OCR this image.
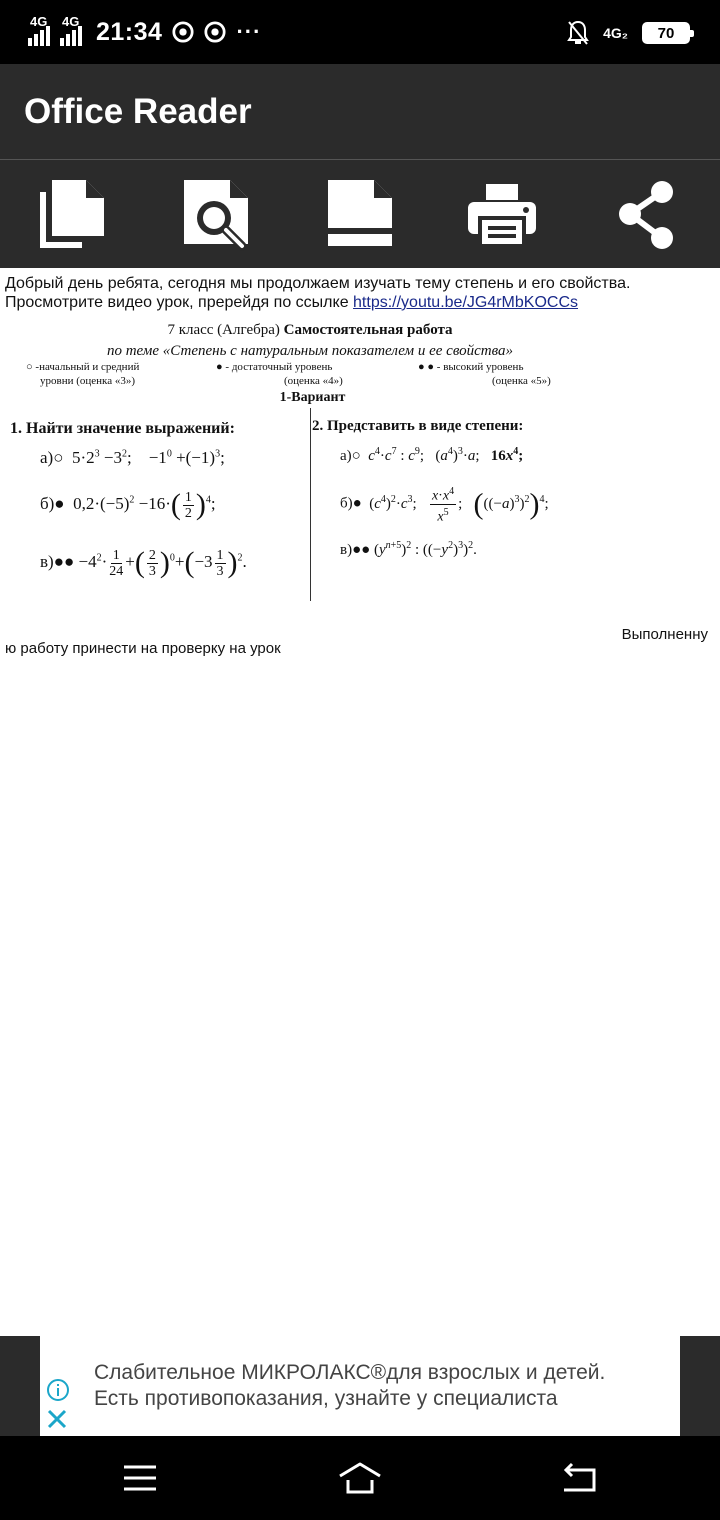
4G 4G 21:34	···	4G₂ 70
Office Reader
Добрый день ребята, сегодня мы продолжаем изучать тему степень и его свойства.
Просмотрите видео урок, пререйдя по ссылке https://youtu.be/JG4rMbKOCCs
7 класс (Алгебра) Самостоятельная работа
по теме «Степень с натуральным показателем и ее свойства»
○ -начальный и средний
уровни (оценка «3»)
● - достаточный уровень
(оценка «4»)
● ● - высокий уровень
(оценка «5»)
1-Вариант
1. Найти значение выражений:	2. Представить в виде степени:
а)○  $5\cdot 2^3 -3^2$;    $-1^0 +(-1)^3$;
б)●  $0,2\cdot(-5)^2 -16\cdot( \frac{1}{2} )^4$;
в)●● $-4^2\cdot \frac{1}{24}$ +( $\frac{2}{3} )^0+(-3 \frac{1}{3} )^2$.
а)○ $c^4\cdot c^7$ : $c^9$;   $(a^4)^3\cdot a$;   $16x^4$;
б)●  $(c^4)^2\cdot c^3$; $\frac{x\cdot x^4}{x^5}$ ;   $(((-a)^3)^2)^4$;
в)●● $(y^{n+5})^2$ : $((-y^2)^3)^2$.
Выполненну
ю работу принести на проверку на урок
Слабительное МИКРОЛАКС®для взрослых и детей.
Есть противопоказания, узнайте у специалиста
